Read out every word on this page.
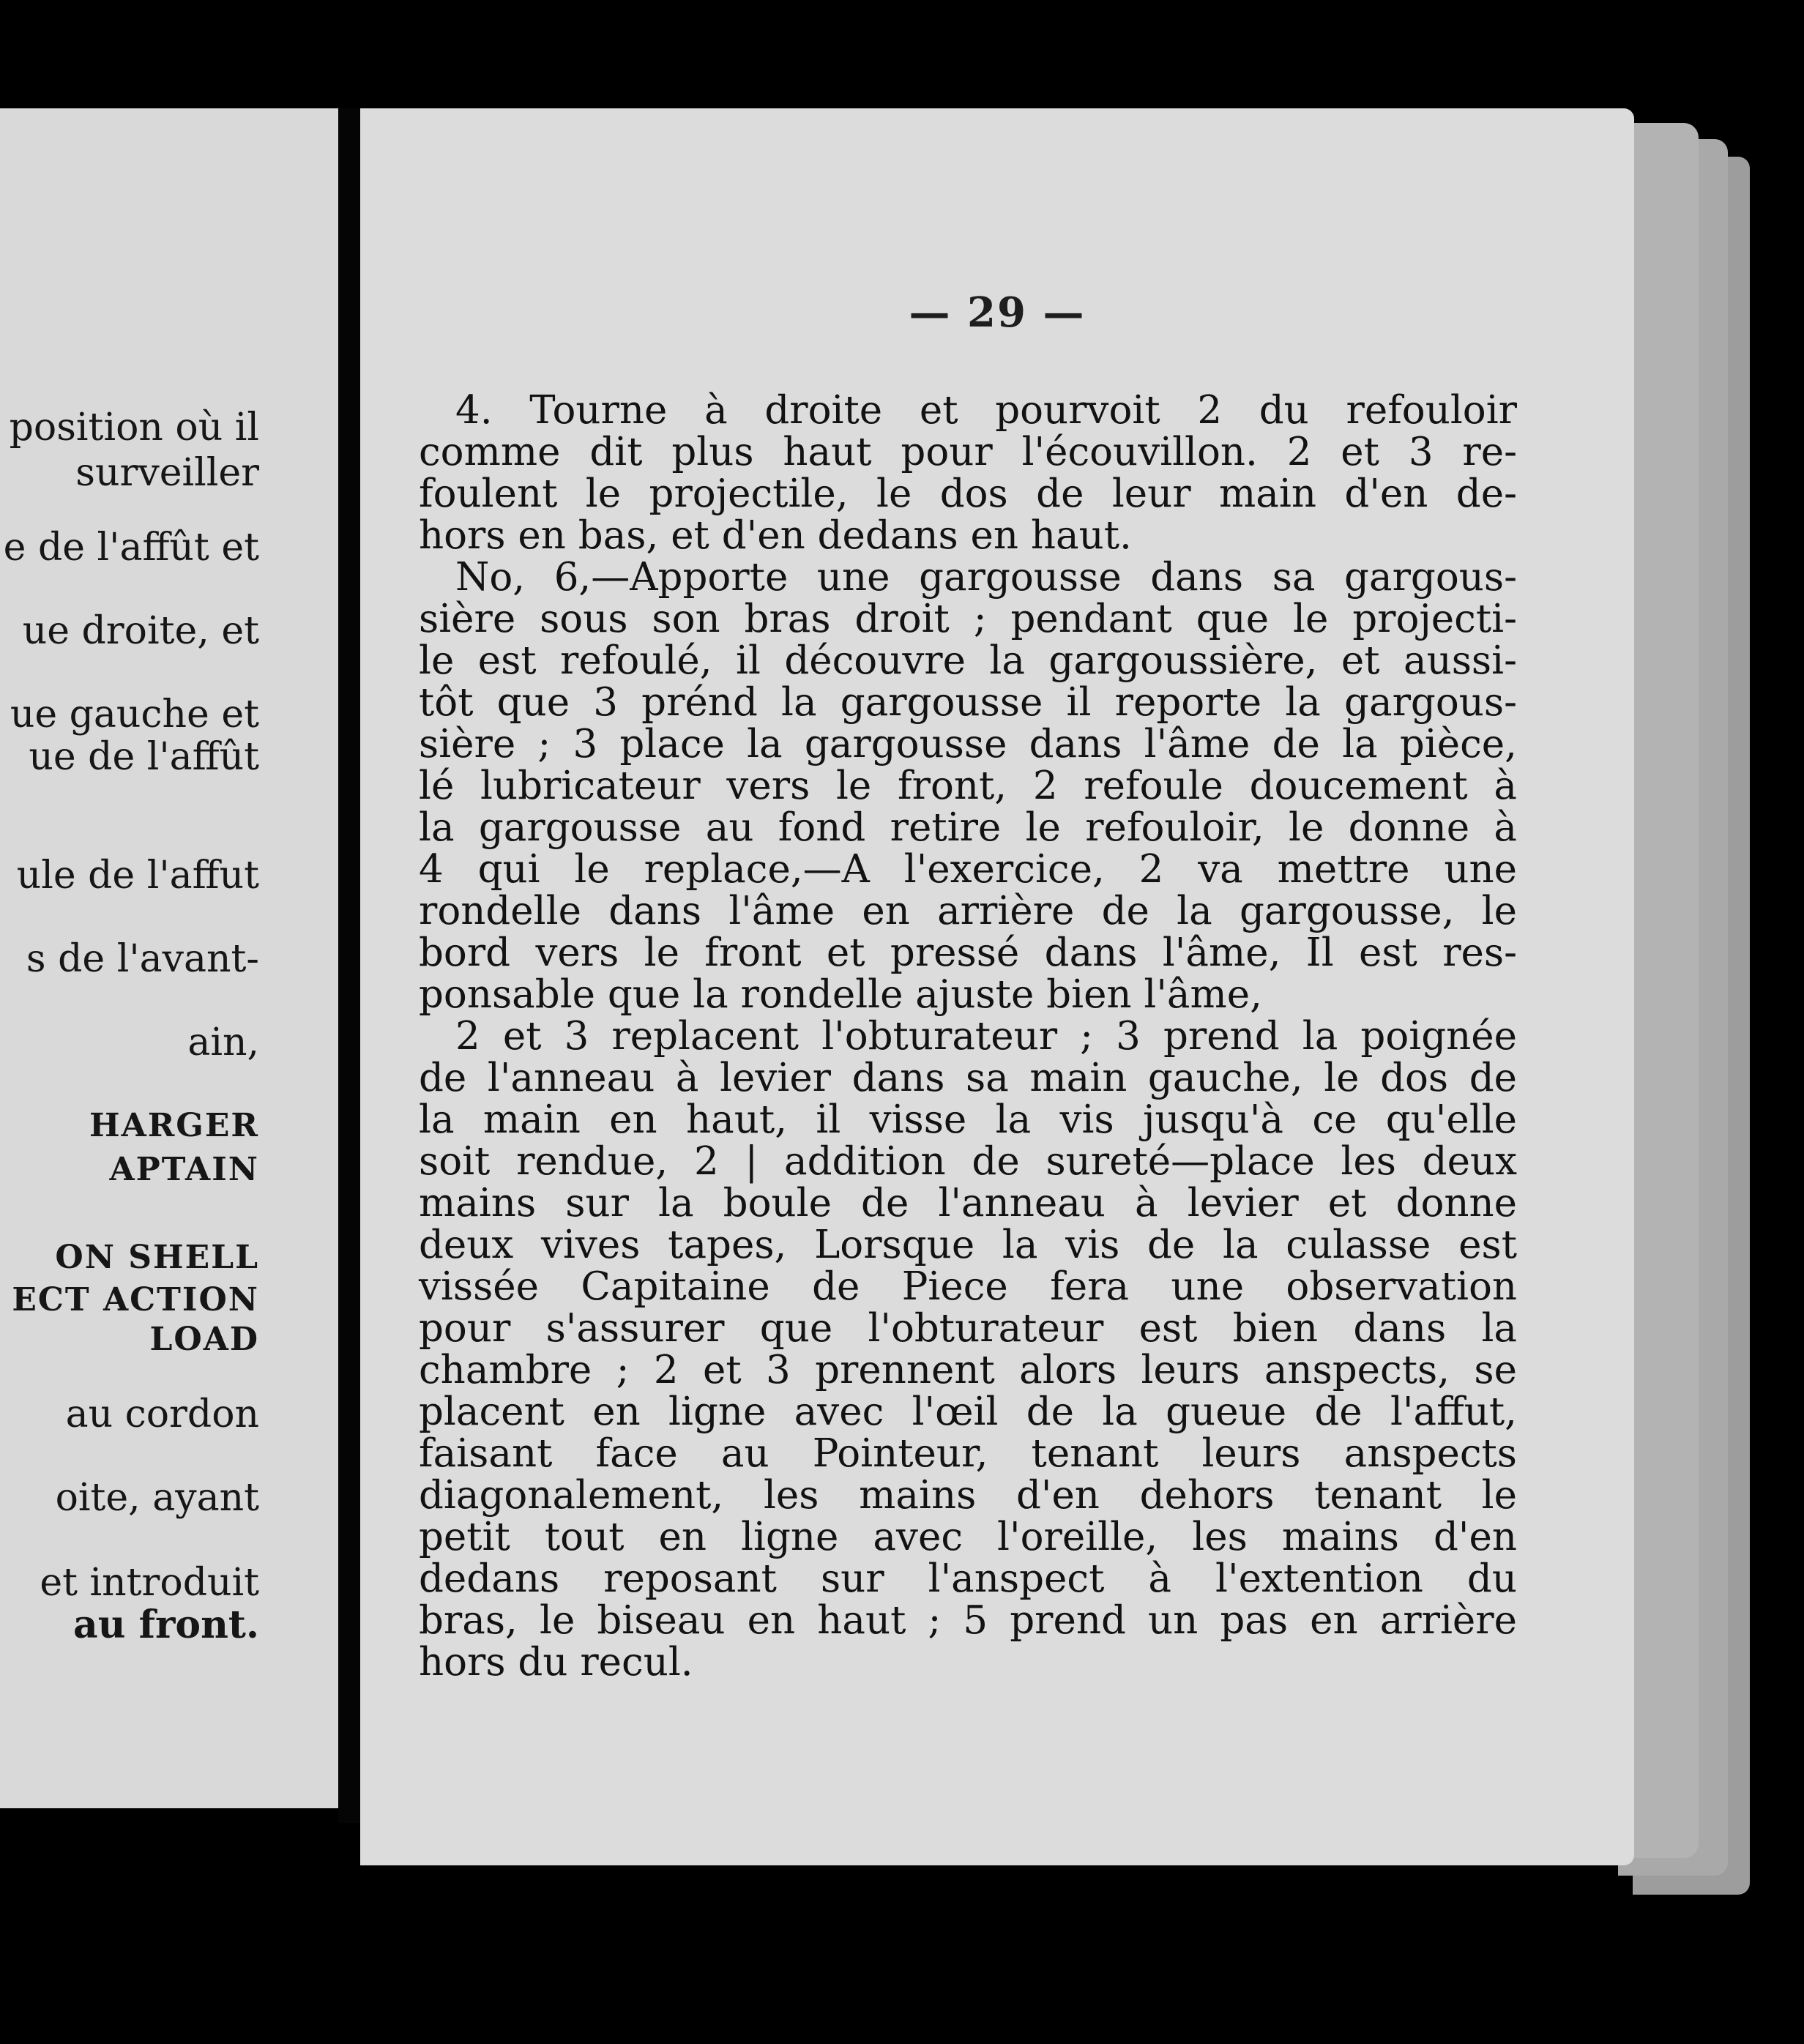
position où il
surveiller
e de l'affût et
ue droite, et
ue gauche et
ue de l'affût
ule de l'affut
s de l'avant-
ain,
HARGER
APTAIN
ON SHELL
ECT ACTION
LOAD
au cordon
oite, ayant
et introduit
au front.
— 29 —
4. Tourne à droite et pourvoit 2 du refouloir
comme dit plus haut pour l'écouvillon. 2 et 3 re-
foulent le projectile, le dos de leur main d'en de-
hors en bas, et d'en dedans en haut.
No, 6,—Apporte une gargousse dans sa gargous-
sière sous son bras droit ; pendant que le projecti-
le est refoulé, il découvre la gargoussière, et aussi-
tôt que 3 prénd la gargousse il reporte la gargous-
sière ; 3 place la gargousse dans l'âme de la pièce,
lé lubricateur vers le front, 2 refoule doucement à
la gargousse au fond retire le refouloir, le donne à
4 qui le replace,—A l'exercice, 2 va mettre une
rondelle dans l'âme en arrière de la gargousse, le
bord vers le front et pressé dans l'âme, Il est res-
ponsable que la rondelle ajuste bien l'âme,
2 et 3 replacent l'obturateur ; 3 prend la poignée
de l'anneau à levier dans sa main gauche, le dos de
la main en haut, il visse la vis jusqu'à ce qu'elle
soit rendue, 2 | addition de sureté—place les deux
mains sur la boule de l'anneau à levier et donne
deux vives tapes, Lorsque la vis de la culasse est
vissée Capitaine de Piece fera une observation
pour s'assurer que l'obturateur est bien dans la
chambre ; 2 et 3 prennent alors leurs anspects, se
placent en ligne avec l'œil de la gueue de l'affut,
faisant face au Pointeur, tenant leurs anspects
diagonalement, les mains d'en dehors tenant le
petit tout en ligne avec l'oreille, les mains d'en
dedans reposant sur l'anspect à l'extention du
bras, le biseau en haut ; 5 prend un pas en arrière
hors du recul.
